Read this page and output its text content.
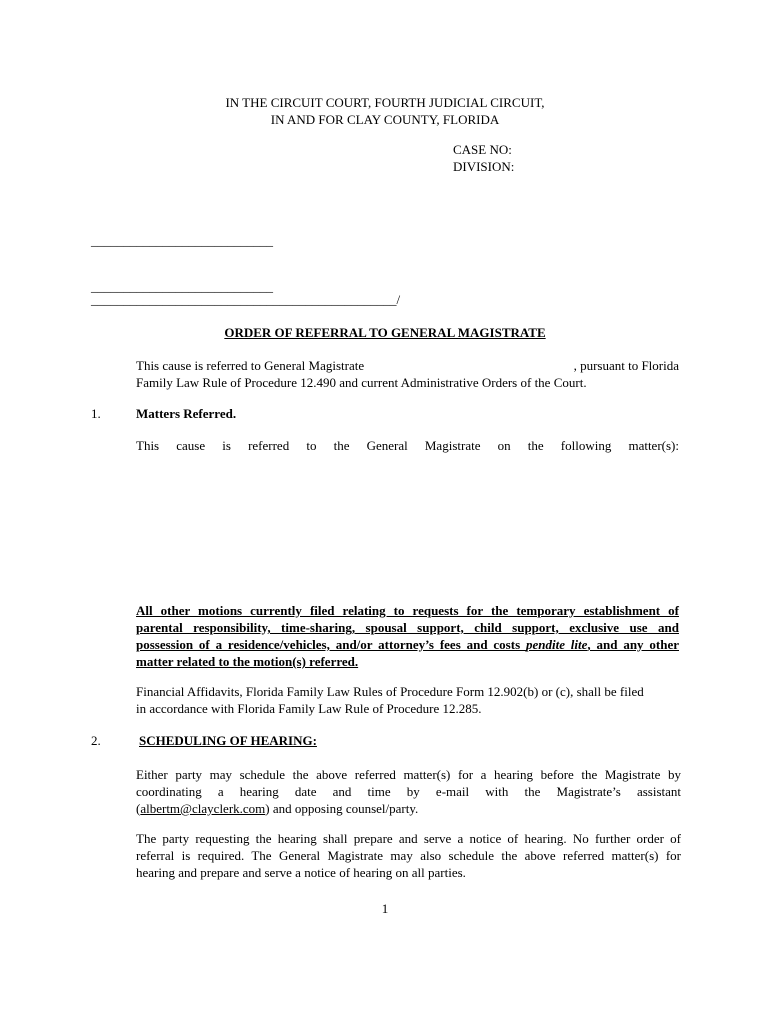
IN THE CIRCUIT COURT, FOURTH JUDICIAL CIRCUIT,
IN AND FOR CLAY COUNTY, FLORIDA
CASE NO:
DIVISION:
____________________________
____________________________
_______________________________________________/
ORDER OF REFERRAL TO GENERAL MAGISTRATE
This cause is referred to General Magistrate	, pursuant to Florida
Family Law Rule of Procedure 12.490 and current Administrative Orders of the Court.
1.	Matters Referred.
This cause is referred to the General Magistrate on the following matter(s):
All other motions currently filed relating to requests for the temporary establishment of
parental responsibility, time-sharing, spousal support, child support, exclusive use and
possession of a residence/vehicles, and/or attorney’s fees and costs pendite lite, and any other
matter related to the motion(s) referred.
Financial Affidavits, Florida Family Law Rules of Procedure Form 12.902(b) or (c), shall be filed
in accordance with Florida Family Law Rule of Procedure 12.285.
2.	SCHEDULING OF HEARING:
Either party may schedule the above referred matter(s) for a hearing before the Magistrate by
coordinating a hearing date and time by e-mail with the Magistrate’s assistant
(albertm@clayclerk.com) and opposing counsel/party.
The party requesting the hearing shall prepare and serve a notice of hearing. No further order of
referral is required. The General Magistrate may also schedule the above referred matter(s) for
hearing and prepare and serve a notice of hearing on all parties.
1
